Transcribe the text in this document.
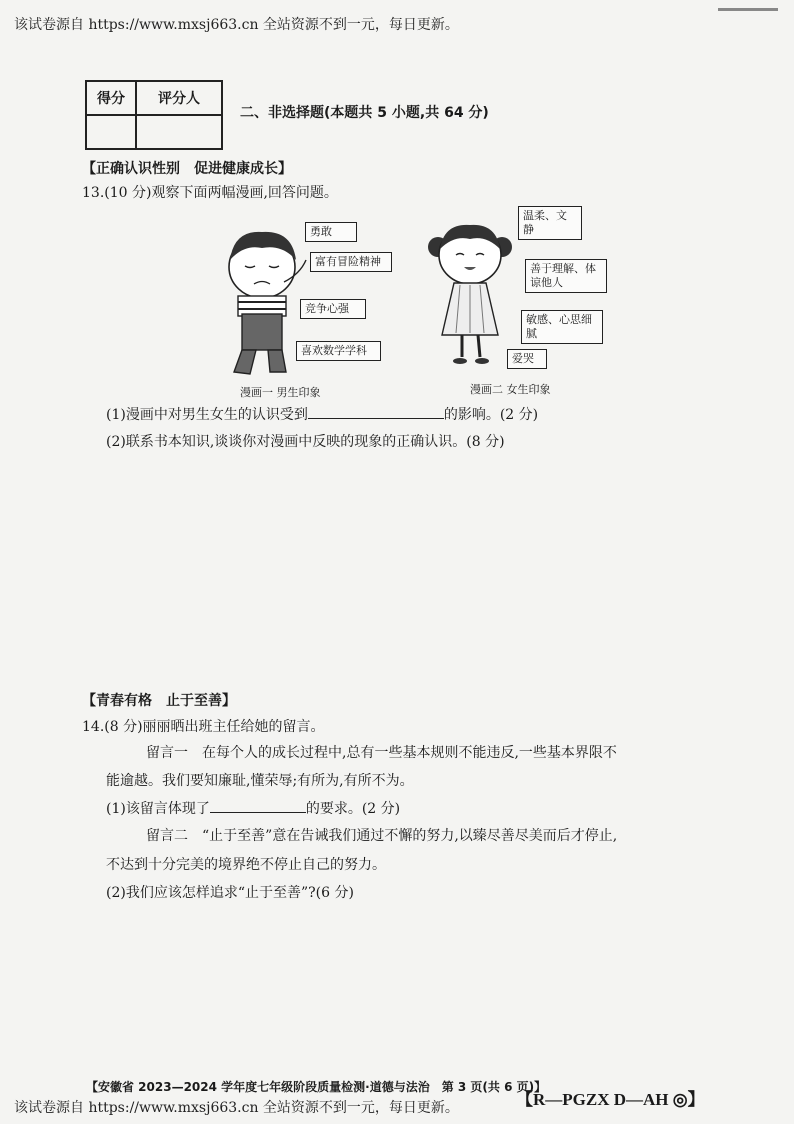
该试卷源自 https://www.mxsj663.cn 全站资源不到一元，每日更新。
得分	评分人

二、非选择题(本题共 5 小题,共 64 分)
【正确认识性别　促进健康成长】
13.(10 分)观察下面两幅漫画,回答问题。
勇敢
富有冒险精神
竞争心强
喜欢数学学科
漫画一 男生印象
温柔、文静
善于理解、体谅他人
敏感、心思细腻
爱哭
漫画二 女生印象
(1)漫画中对男生女生的认识受到	的影响。(2 分)
(2)联系书本知识,谈谈你对漫画中反映的现象的正确认识。(8 分)
【青春有格　止于至善】
14.(8 分)丽丽晒出班主任给她的留言。
留言一　在每个人的成长过程中,总有一些基本规则不能违反,一些基本界限不
能逾越。我们要知廉耻,懂荣辱;有所为,有所不为。
(1)该留言体现了	的要求。(2 分)
留言二　“止于至善”意在告诫我们通过不懈的努力,以臻尽善尽美而后才停止,
不达到十分完美的境界绝不停止自己的努力。
(2)我们应该怎样追求“止于至善”?(6 分)
【安徽省 2023—2024 学年度七年级阶段质量检测·道德与法治　第 3 页(共 6 页)】
【R—PGZX D—AH ◎】
该试卷源自 https://www.mxsj663.cn 全站资源不到一元，每日更新。
